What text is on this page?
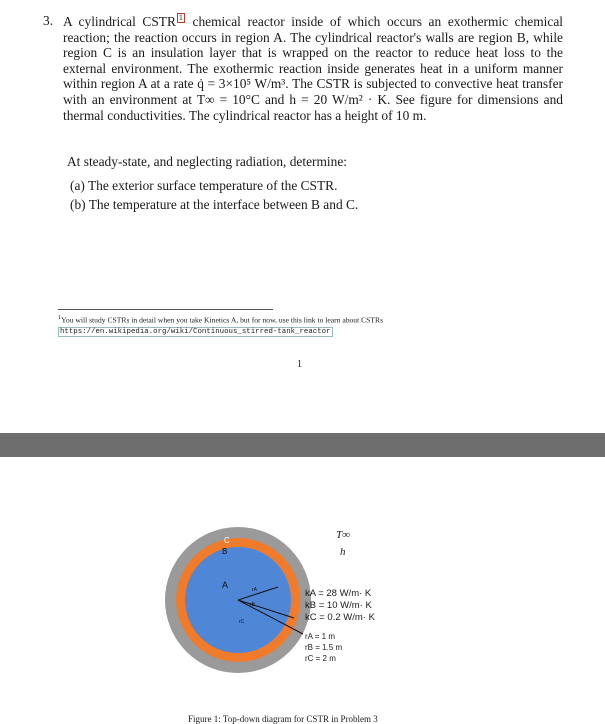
3. A cylindrical CSTR 1 chemical reactor inside of which occurs an exothermic chemical reaction; the reaction occurs in region A. The cylindrical reactor's walls are region B, while region C is an insulation layer that is wrapped on the reactor to reduce heat loss to the external environment. The exothermic reaction inside generates heat in a uniform manner within region A at a rate q̇ = 3×10⁵ W/m³. The CSTR is subjected to convective heat transfer with an environment at T∞ = 10°C and h = 20 W/m² · K. See figure for dimensions and thermal conductivities. The cylindrical reactor has a height of 10 m.
At steady-state, and neglecting radiation, determine:
(a) The exterior surface temperature of the CSTR.
(b) The temperature at the interface between B and C.
$^1$You will study CSTRs in detail when you take Kinetics A, but for now, use this link to learn about CSTRs
https://en.wikipedia.org/wiki/Continuous_stirred-tank_reactor
1
C
B
A	rA
rB
rC
T∞
h
kA = 28 W/m· K
kB = 10 W/m· K
kC = 0.2 W/m· K
rA = 1 m
rB = 1.5 m
rC = 2 m
Figure 1: Top-down diagram for CSTR in Problem 3
